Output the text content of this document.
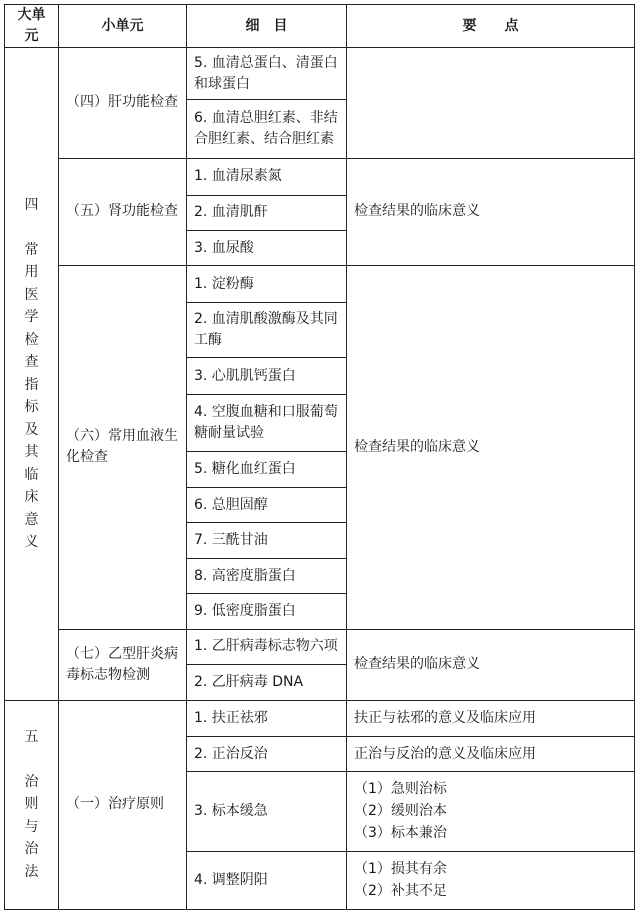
大单元	小单元	细　目	要　　点

四
常用医学检查指标及其临床意义	（四）肝功能检查	5. 血清总蛋白、清蛋白和球蛋白	
		6. 血清总胆红素、非结合胆红素、结合胆红素	
	（五）肾功能检查	1. 血清尿素氮	检查结果的临床意义
		2. 血清肌酐	
		3. 血尿酸	
	（六）常用血液生化检查	1. 淀粉酶	检查结果的临床意义
		2. 血清肌酸激酶及其同工酶	
		3. 心肌肌钙蛋白	
		4. 空腹血糖和口服葡萄糖耐量试验	
		5. 糖化血红蛋白	
		6. 总胆固醇	
		7. 三酰甘油	
		8. 高密度脂蛋白	
		9. 低密度脂蛋白	
	（七）乙型肝炎病毒标志物检测	1. 乙肝病毒标志物六项	检查结果的临床意义
		2. 乙肝病毒 DNA	

五
治则与治法	（一）治疗原则	1. 扶正祛邪	扶正与祛邪的意义及临床应用
		2. 正治反治	正治与反治的意义及临床应用
		3. 标本缓急	（1）急则治标

（2）缓则治本

（3）标本兼治

		4. 调整阴阳	（1）损其有余

（2）补其不足
